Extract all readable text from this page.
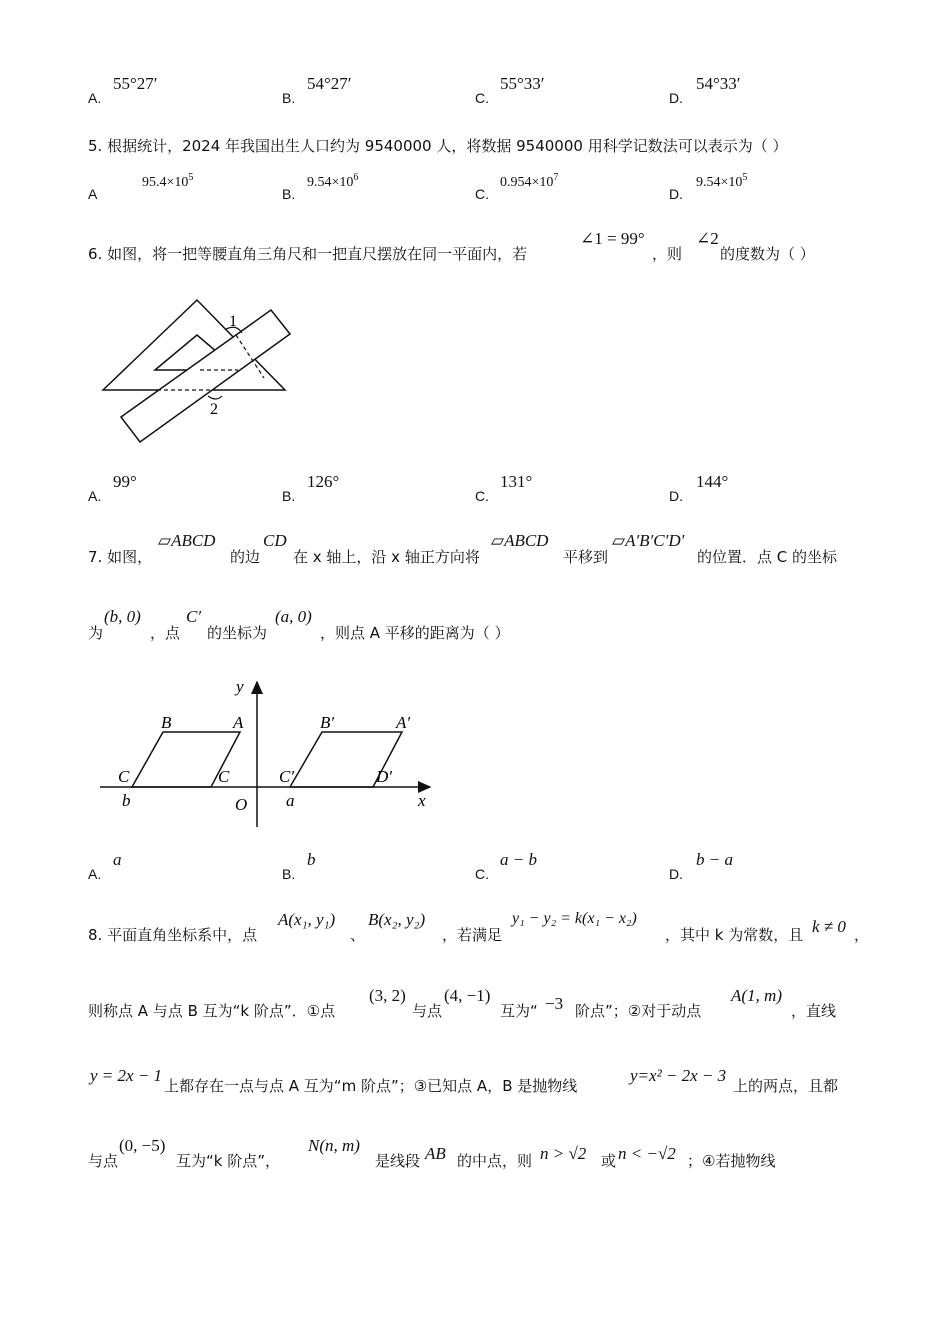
A.
55°27′
B.
54°27′
C.
55°33′
D.
54°33′
5. 根据统计，2024 年我国出生人口约为 9540000 人，将数据 9540000 用科学记数法可以表示为（ ）
A
$95.4\times 10^5$
B.
$9.54\times 10^6$
C.
$0.954\times 10^7$
D.
$9.54\times 10^5$
6. 如图，将一把等腰直角三角尺和一把直尺摆放在同一平面内，若
∠1 = 99°
，则
∠2
的度数为（ ）
1
2
A.
99°
B.
126°
C.
131°
D.
144°
7. 如图，
▱ABCD
的边
CD
在 x 轴上，沿 x 轴正方向将
▱ABCD
平移到
▱A′B′C′D′
的位置．点 C 的坐标
为
(b, 0)
，点
C′
的坐标为
(a, 0)
，则点 A 平移的距离为（ ）
y
x
O a
b
B	A
C	C
B′	A′
C′	D′
A.
a
B.
b
C.
a − b
D.
b − a
8. 平面直角坐标系中，点
A(x₁, y₁)
、
B(x₂, y₂)
，若满足
y₁ − y₂ = k(x₁ − x₂)
，其中 k 为常数，且 k ≠ 0 ，
则称点 A 与点 B 互为“k 阶点”．①点
(3, 2)
与点
(4, −1)
互为“ −3 阶点”；②对于动点
A(1, m)
，直线
y = 2x − 1
上都存在一点与点 A 互为“m 阶点”；③已知点 A，B 是抛物线
y=x² − 2x − 3
上的两点，且都
与点
(0, −5)
互为“k 阶点”，
N(n, m)
是线段 AB 的中点，则 n > √2 或 n < −√2 ；④若抛物线
